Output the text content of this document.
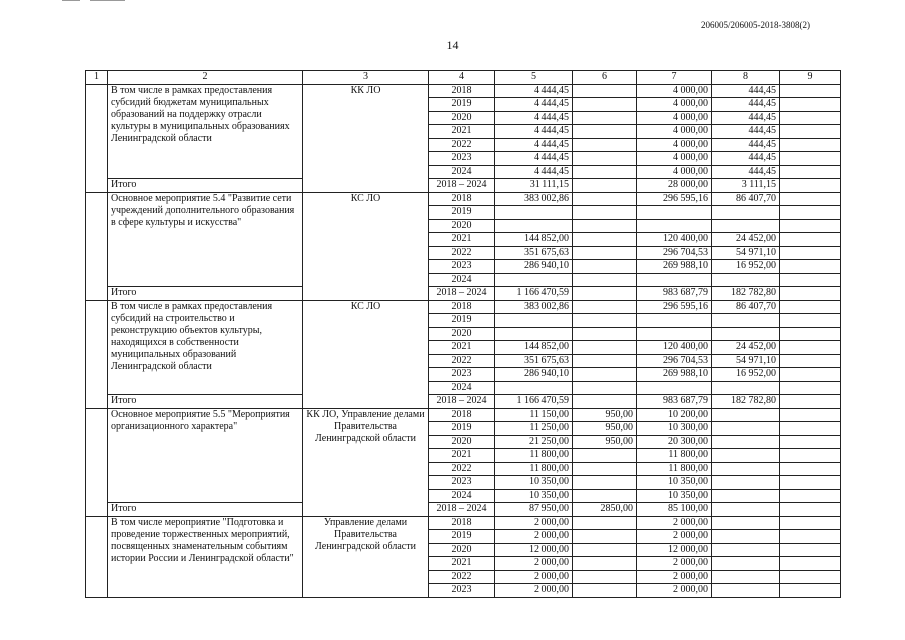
206005/206005-2018-3808(2)
14
1	2	3	4	5	6	7	8	9
	В том числе в рамках предоставления субсидий бюджетам муниципальных образований на поддержку отрасли культуры в муниципальных образованиях Ленинградской области	КК ЛО	2018	4 444,45		4 000,00	444,45	
			2019	4 444,45		4 000,00	444,45	
			2020	4 444,45		4 000,00	444,45	
			2021	4 444,45		4 000,00	444,45	
			2022	4 444,45		4 000,00	444,45	
			2023	4 444,45		4 000,00	444,45	
			2024	4 444,45		4 000,00	444,45	
	Итого		2018 – 2024	31 111,15		28 000,00	3 111,15	
	Основное мероприятие 5.4 "Развитие сети учреждений дополнительного образования в сфере культуры и искусства"	КС ЛО	2018	383 002,86		296 595,16	86 407,70	
			2019					
			2020					
			2021	144 852,00		120 400,00	24 452,00	
			2022	351 675,63		296 704,53	54 971,10	
			2023	286 940,10		269 988,10	16 952,00	
			2024					
	Итого		2018 – 2024	1 166 470,59		983 687,79	182 782,80	
	В том числе в рамках предоставления субсидий на строительство и реконструкцию объектов культуры, находящихся в собственности муниципальных образований Ленинградской области	КС ЛО	2018	383 002,86		296 595,16	86 407,70	
			2019					
			2020					
			2021	144 852,00		120 400,00	24 452,00	
			2022	351 675,63		296 704,53	54 971,10	
			2023	286 940,10		269 988,10	16 952,00	
			2024					
	Итого		2018 – 2024	1 166 470,59		983 687,79	182 782,80	
	Основное мероприятие 5.5 "Мероприятия организационного характера"	КК ЛО, Управление делами Правительства Ленинградской области	2018	11 150,00	950,00	10 200,00		
			2019	11 250,00	950,00	10 300,00		
			2020	21 250,00	950,00	20 300,00		
			2021	11 800,00		11 800,00		
			2022	11 800,00		11 800,00		
			2023	10 350,00		10 350,00		
			2024	10 350,00		10 350,00		
	Итого		2018 – 2024	87 950,00	2850,00	85 100,00		
	В том числе мероприятие "Подготовка и проведение торжественных мероприятий, посвященных знаменательным событиям истории России и Ленинградской области"	Управление делами Правительства Ленинградской области	2018	2 000,00		2 000,00		
			2019	2 000,00		2 000,00		
			2020	12 000,00		12 000,00		
			2021	2 000,00		2 000,00		
			2022	2 000,00		2 000,00		
			2023	2 000,00		2 000,00		
